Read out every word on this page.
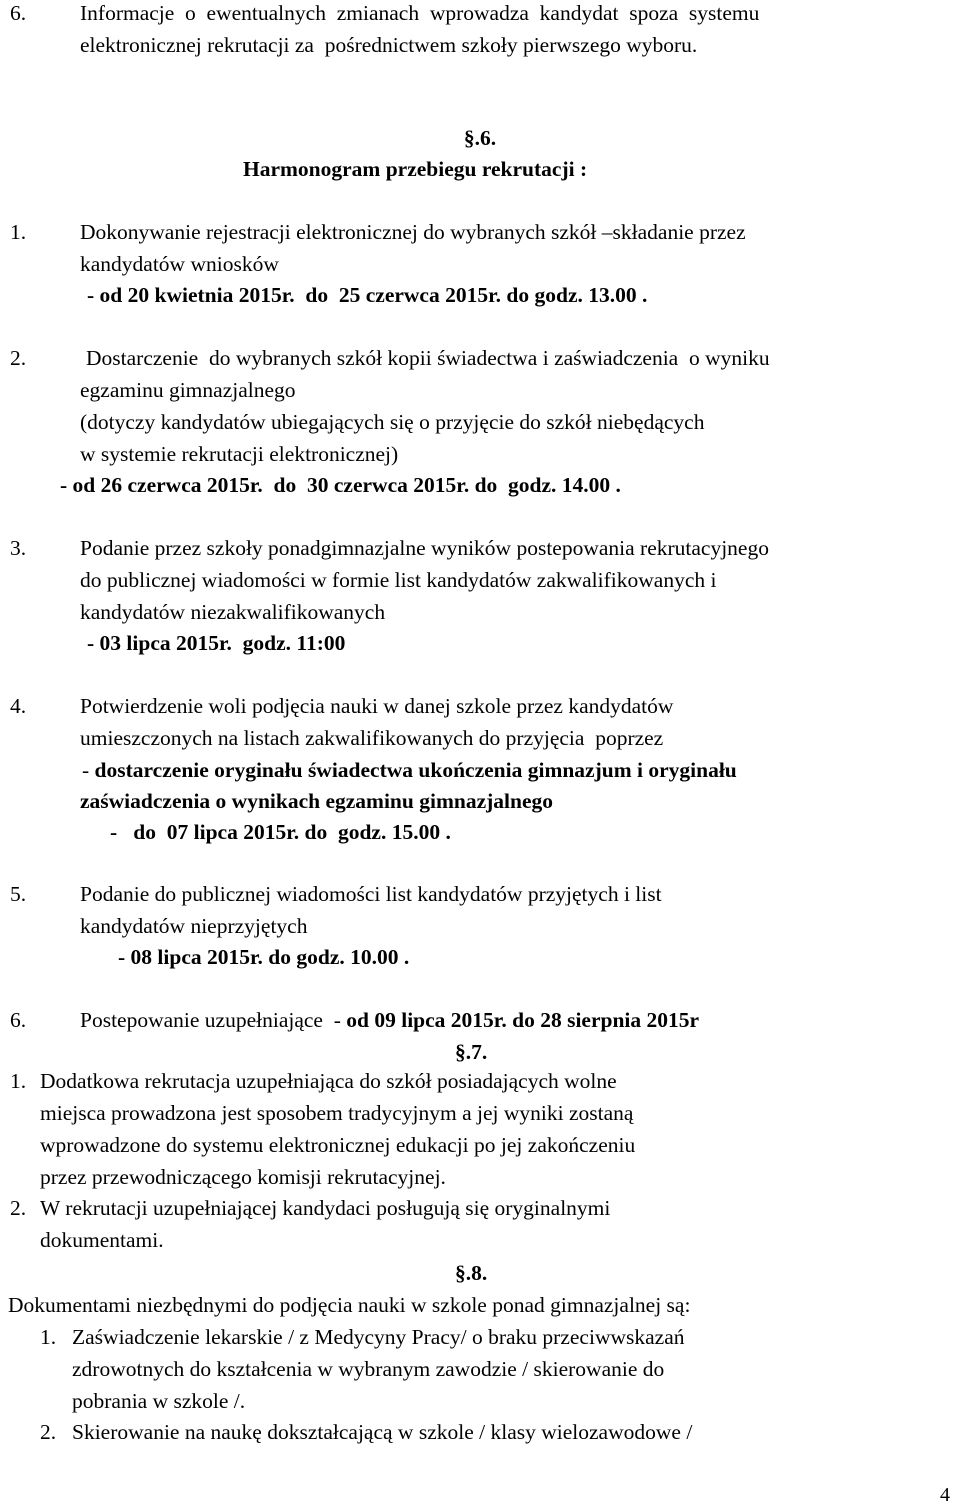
6.	Informacje  o  ewentualnych  zmianach  wprowadza  kandydat  spoza  systemu
elektronicznej rekrutacji za  pośrednictwem szkoły pierwszego wyboru.
§.6.
Harmonogram przebiegu rekrutacji :
1.	Dokonywanie rejestracji elektronicznej do wybranych szkół –składanie przez
kandydatów wniosków
- od 20 kwietnia 2015r.  do  25 czerwca 2015r. do godz. 13.00 .
2.	Dostarczenie  do wybranych szkół kopii świadectwa i zaświadczenia  o wyniku
egzaminu gimnazjalnego
(dotyczy kandydatów ubiegających się o przyjęcie do szkół niebędących
w systemie rekrutacji elektronicznej)
- od 26 czerwca 2015r.  do  30 czerwca 2015r. do  godz. 14.00 .
3.	Podanie przez szkoły ponadgimnazjalne wyników postepowania rekrutacyjnego
do publicznej wiadomości w formie list kandydatów zakwalifikowanych i
kandydatów niezakwalifikowanych
- 03 lipca 2015r.  godz. 11:00
4.	Potwierdzenie woli podjęcia nauki w danej szkole przez kandydatów
umieszczonych na listach zakwalifikowanych do przyjęcia  poprzez
- dostarczenie oryginału świadectwa ukończenia gimnazjum i oryginału
zaświadczenia o wynikach egzaminu gimnazjalnego
-   do  07 lipca 2015r. do  godz. 15.00 .
5.	Podanie do publicznej wiadomości list kandydatów przyjętych i list
kandydatów nieprzyjętych
- 08 lipca 2015r. do godz. 10.00 .
6.	Postepowanie uzupełniające  - od 09 lipca 2015r. do 28 sierpnia 2015r
§.7.
1. Dodatkowa rekrutacja uzupełniająca do szkół posiadających wolne
miejsca prowadzona jest sposobem tradycyjnym a jej wyniki zostaną
wprowadzone do systemu elektronicznej edukacji po jej zakończeniu
przez przewodniczącego komisji rekrutacyjnej.
2. W rekrutacji uzupełniającej kandydaci posługują się oryginalnymi
dokumentami.
§.8.
Dokumentami niezbędnymi do podjęcia nauki w szkole ponad gimnazjalnej są:
1. Zaświadczenie lekarskie / z Medycyny Pracy/ o braku przeciwwskazań
zdrowotnych do kształcenia w wybranym zawodzie / skierowanie do
pobrania w szkole /.
2. Skierowanie na naukę dokształcającą w szkole / klasy wielozawodowe /
4
